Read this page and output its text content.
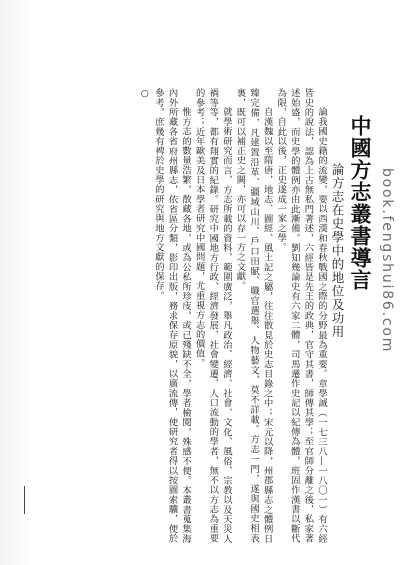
中國方志叢書導言
論方志在史學中的地位及功用

論我國史籍的流變，要以西漢和春秋戰國之際的分野最為重要。章學誠（一七三八—一八〇一）有六經皆史的說法，認為上古無私門著述，六經皆是先王的政典，官守其書，師傳其學；至官師分離之後，私家著述始盛，而史學的體例亦由此漸備。劉知幾論史有六家二體，司馬遷作史記以紀傳為體，班固作漢書以斷代為限，自此以後，正史遂成一家之學。

自漢魏以至隋唐，地志、圖經、風土記之屬，往往散見於史志目錄之中；宋元以降，州郡縣志之體例日臻完備，凡建置沿革、疆域山川、戶口田賦、職官選舉、人物藝文，莫不詳載。方志一門，遂與國史相表裏，既可以補正史之闕，亦可以存一方之文獻。

就學術研究而言，方志所載的資料，範圍廣泛，舉凡政治、經濟、社會、文化、風俗、宗教以及天災人禍等等，都有翔實的紀錄。研究中國地方行政、經濟發展、社會變遷、人口流動的學者，無不以方志為重要的參考；近年歐美及日本學者研究中國問題，尤重視方志的價值。

惟方志的數量浩繁，散藏各地，或為公私所珍庋，或已殘缺不全，學者檢閱，殊感不便。本叢書蒐集海內外所藏各省府州縣志，依省區分類，影印出版，務求保存原貌，以廣流傳，使研究者得以按圖索驥，便於參考，庶幾有裨於史學的研究與地方文獻的保存。

○

book.fengshui86.com
